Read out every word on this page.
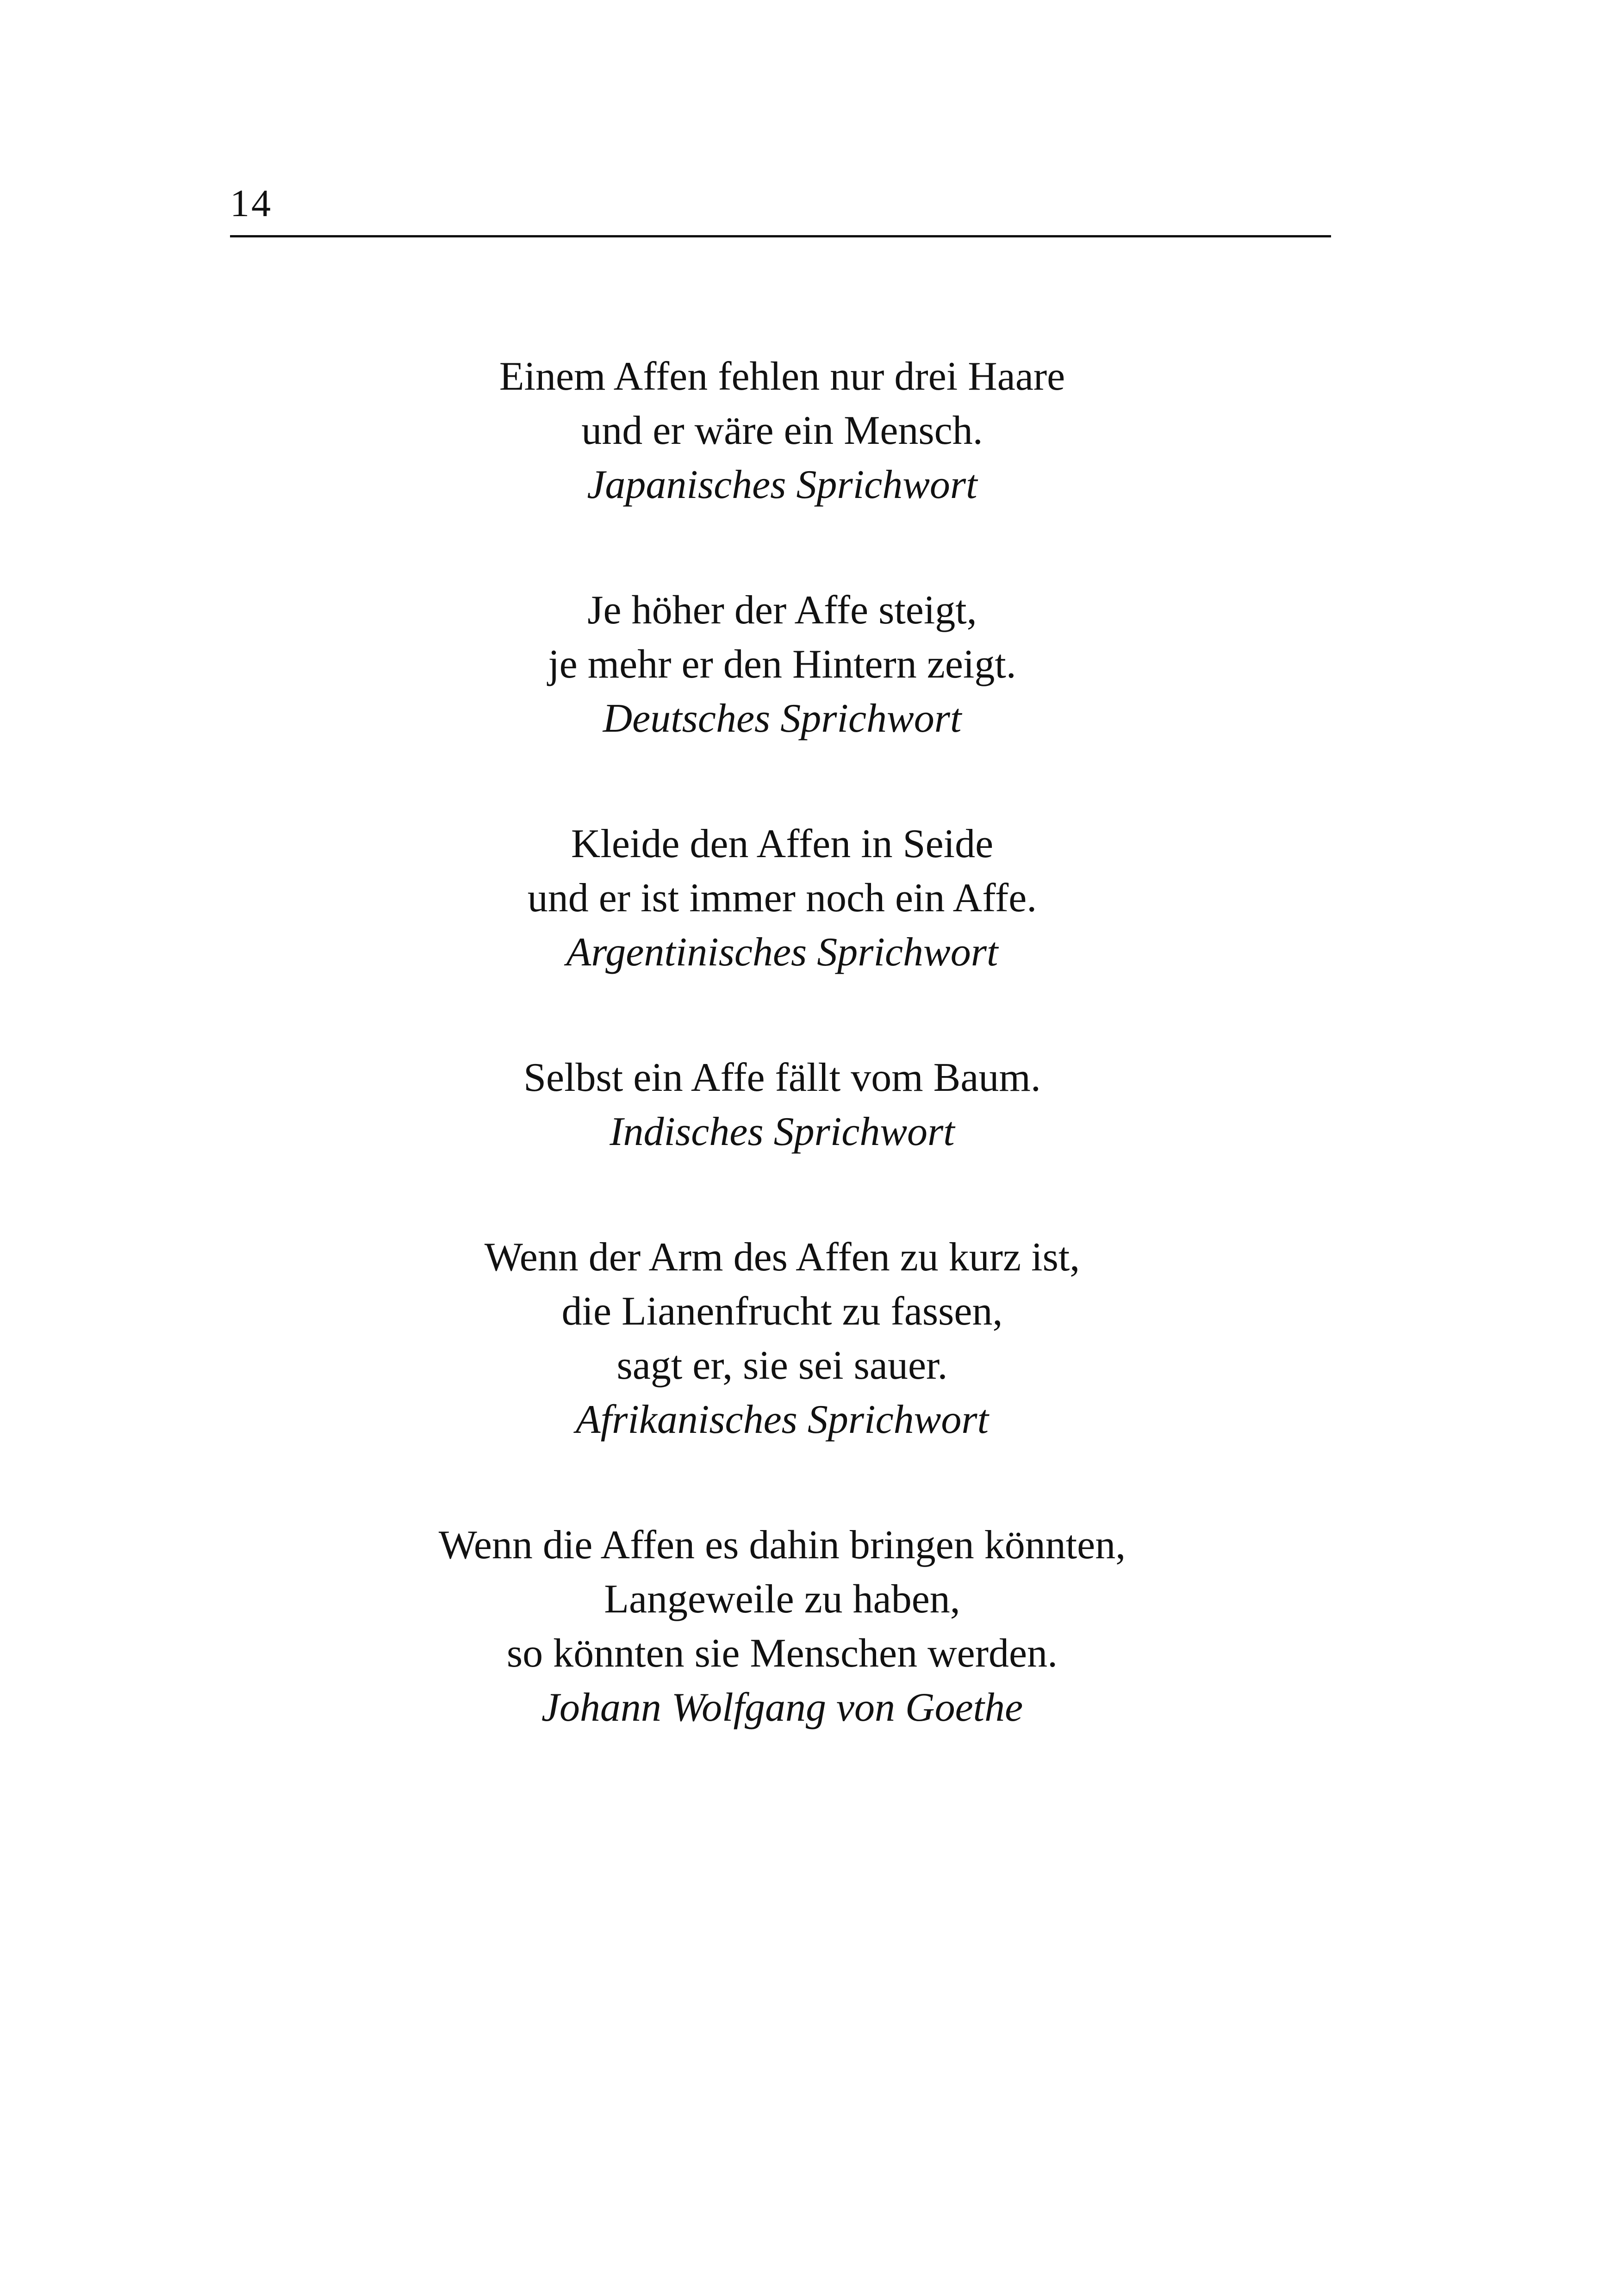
14
Einem Affen fehlen nur drei Haare
und er wäre ein Mensch.
Japanisches Sprichwort
Je höher der Affe steigt,
je mehr er den Hintern zeigt.
Deutsches Sprichwort
Kleide den Affen in Seide
und er ist immer noch ein Affe.
Argentinisches Sprichwort
Selbst ein Affe fällt vom Baum.
Indisches Sprichwort
Wenn der Arm des Affen zu kurz ist,
die Lianenfrucht zu fassen,
sagt er, sie sei sauer.
Afrikanisches Sprichwort
Wenn die Affen es dahin bringen könnten,
Langeweile zu haben,
so könnten sie Menschen werden.
Johann Wolfgang von Goethe
